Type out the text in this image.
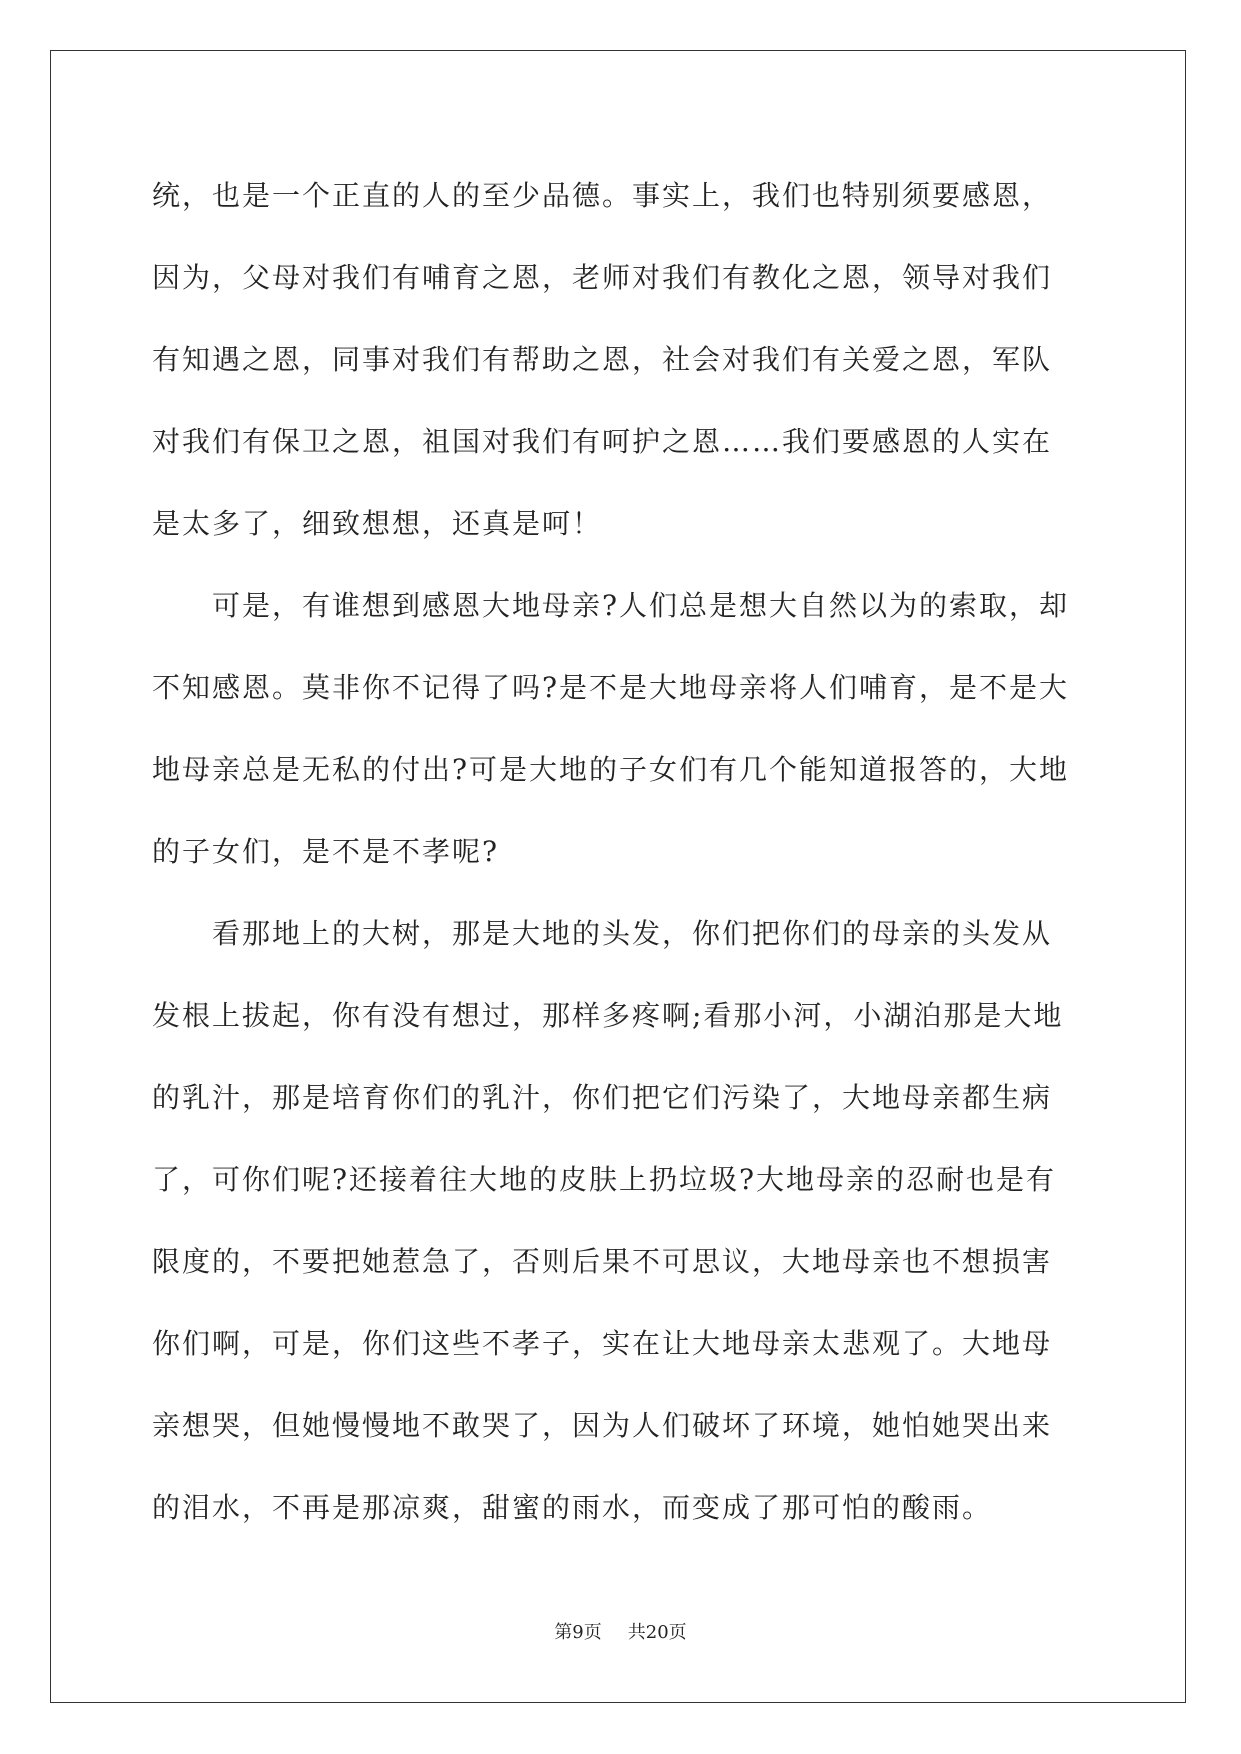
统，也是一个正直的人的至少品德。事实上，我们也特别须要感恩，
因为，父母对我们有哺育之恩，老师对我们有教化之恩，领导对我们
有知遇之恩，同事对我们有帮助之恩，社会对我们有关爱之恩，军队
对我们有保卫之恩，祖国对我们有呵护之恩……我们要感恩的人实在
是太多了，细致想想，还真是呵！
　　可是，有谁想到感恩大地母亲?人们总是想大自然以为的索取，却
不知感恩。莫非你不记得了吗?是不是大地母亲将人们哺育，是不是大
地母亲总是无私的付出?可是大地的子女们有几个能知道报答的，大地
的子女们，是不是不孝呢?
　　看那地上的大树，那是大地的头发，你们把你们的母亲的头发从
发根上拔起，你有没有想过，那样多疼啊;看那小河，小湖泊那是大地
的乳汁，那是培育你们的乳汁，你们把它们污染了，大地母亲都生病
了，可你们呢?还接着往大地的皮肤上扔垃圾?大地母亲的忍耐也是有
限度的，不要把她惹急了，否则后果不可思议，大地母亲也不想损害
你们啊，可是，你们这些不孝子，实在让大地母亲太悲观了。大地母
亲想哭，但她慢慢地不敢哭了，因为人们破坏了环境，她怕她哭出来
的泪水，不再是那凉爽，甜蜜的雨水，而变成了那可怕的酸雨。
第9页 共20页
